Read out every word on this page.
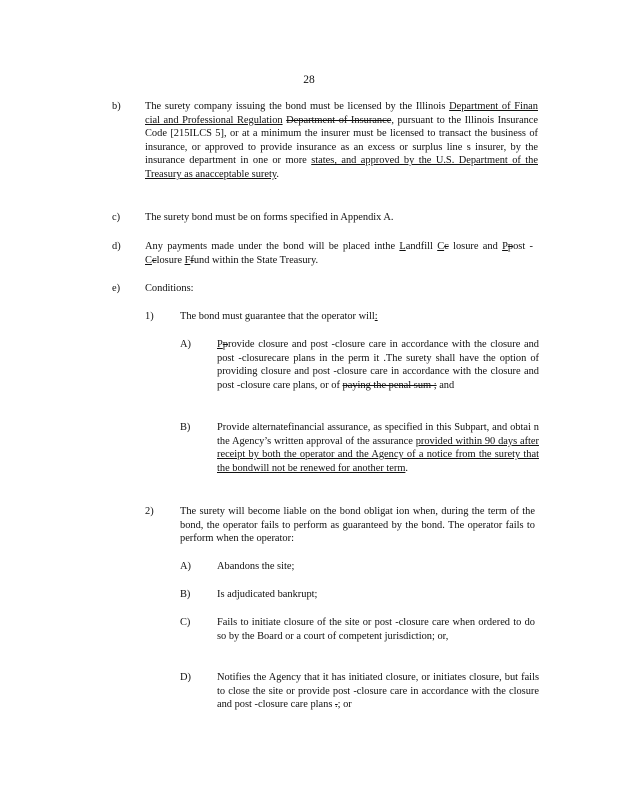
28
b) The surety company issuing the bond must be licensed by the Illinois Department of Finan cial and Professional Regulation Department of Insurance, pursuant to the Illinois Insurance Code [215ILCS 5], or at a minimum the insurer must be licensed to transact the business of insurance, or approved to provide insurance as an excess or surplus line s insurer, by the insurance department in one or more states, and approved by the U.S. Department of the Treasury as anacceptable surety.
c) The surety bond must be on forms specified in Appendix A.
d) Any payments made under the bond will be placed inthe Landfill Cc losure and Ppost -Cclosure Ffund within the State Treasury.
e) Conditions:
1)	The bond must guarantee that the operator will:
A)	Pprovide closure and post -closure care in accordance with the closure and post -closurecare plans in the perm it .The surety shall have the option of providing closure and post -closure care in accordance with the closure and post -closure care plans, or of paying the penal sum ; and
B)	Provide alternatefinancial assurance, as specified in this Subpart, and obtai n the Agency’s written approval of the assurance provided within 90 days after receipt by both the operator and the Agency of a notice from the surety that the bondwill not be renewed for another term.
2)	The surety will become liable on the bond obligat ion when, during the term of the bond, the operator fails to perform as guaranteed by the bond. The operator fails to perform when the operator:
A)	Abandons the site;
B)	Is adjudicated bankrupt;
C)	Fails to initiate closure of the site or post -closure care when ordered to do so by the Board or a court of competent jurisdiction; or,
D)	Notifies the Agency that it has initiated closure, or initiates closure, but fails to close the site or provide post -closure care in accordance with the closure and post -closure care plans .; or
